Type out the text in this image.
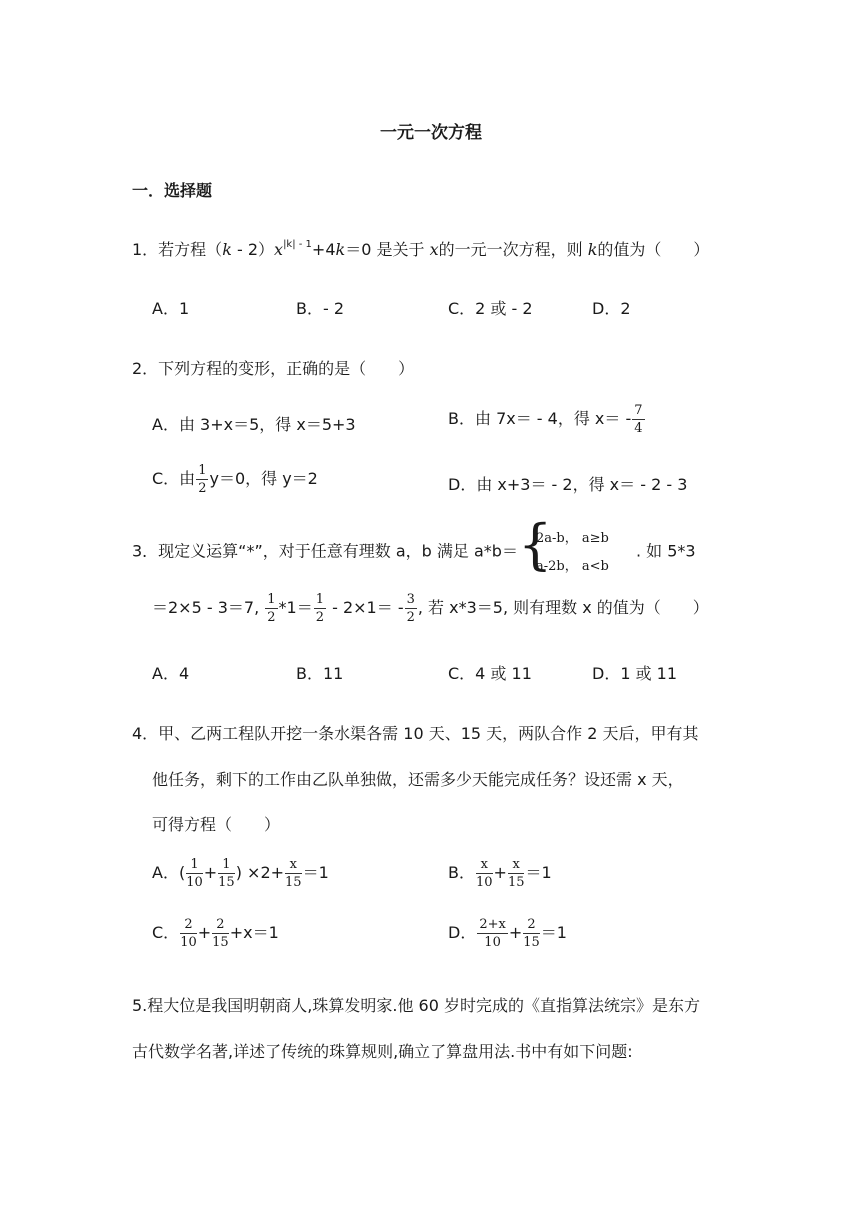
一元一次方程
一．选择题
1．若方程$(k - 2)x^{|k| - 1}+4k=0$ 是关于 x的一元一次方程，则 k的值为（　　）
A．1	B．- 2	C．2 或 - 2	D．2
2．下列方程的变形，正确的是（　　）
A．由 3+x＝5，得 x＝5+3	B．由 7x＝ - 4，得 $x= - \frac{7}{4}$
C．由 $\frac{1}{2} y=0$，得 y＝2	D．由 x+3＝ - 2，得 x＝ - 2 - 3
3．现定义运算“*”，对于任意有理数 a，b 满足 a*b＝ {
2a-b， a≥b
a-2b， a<b
. 如 5*3
＝2×5 - 3＝7, $\frac{1}{2} *1= \frac{1}{2} - 2\times 1= - \frac{3}{2}$ , 若 x*3＝5, 则有理数 x 的值为（　　）
A．4	B．11	C．4 或 11	D．1 或 11
4．甲、乙两工程队开挖一条水渠各需 10 天、15 天，两队合作 2 天后，甲有其
他任务，剩下的工作由乙队单独做，还需多少天能完成任务？设还需 x 天，
可得方程（　　）
A．( $\frac{1}{10} + \frac{1}{15}$ ) $\times 2+ \frac{x}{15} =1$	B． $\frac{x}{10} + \frac{x}{15} =1$
C． $\frac{2}{10} + \frac{2}{15} +x=1$	D． $\frac{2+x}{10} + \frac{2}{15} =1$
5.程大位是我国明朝商人,珠算发明家.他 60 岁时完成的《直指算法统宗》是东方
古代数学名著,详述了传统的珠算规则,确立了算盘用法.书中有如下问题:
